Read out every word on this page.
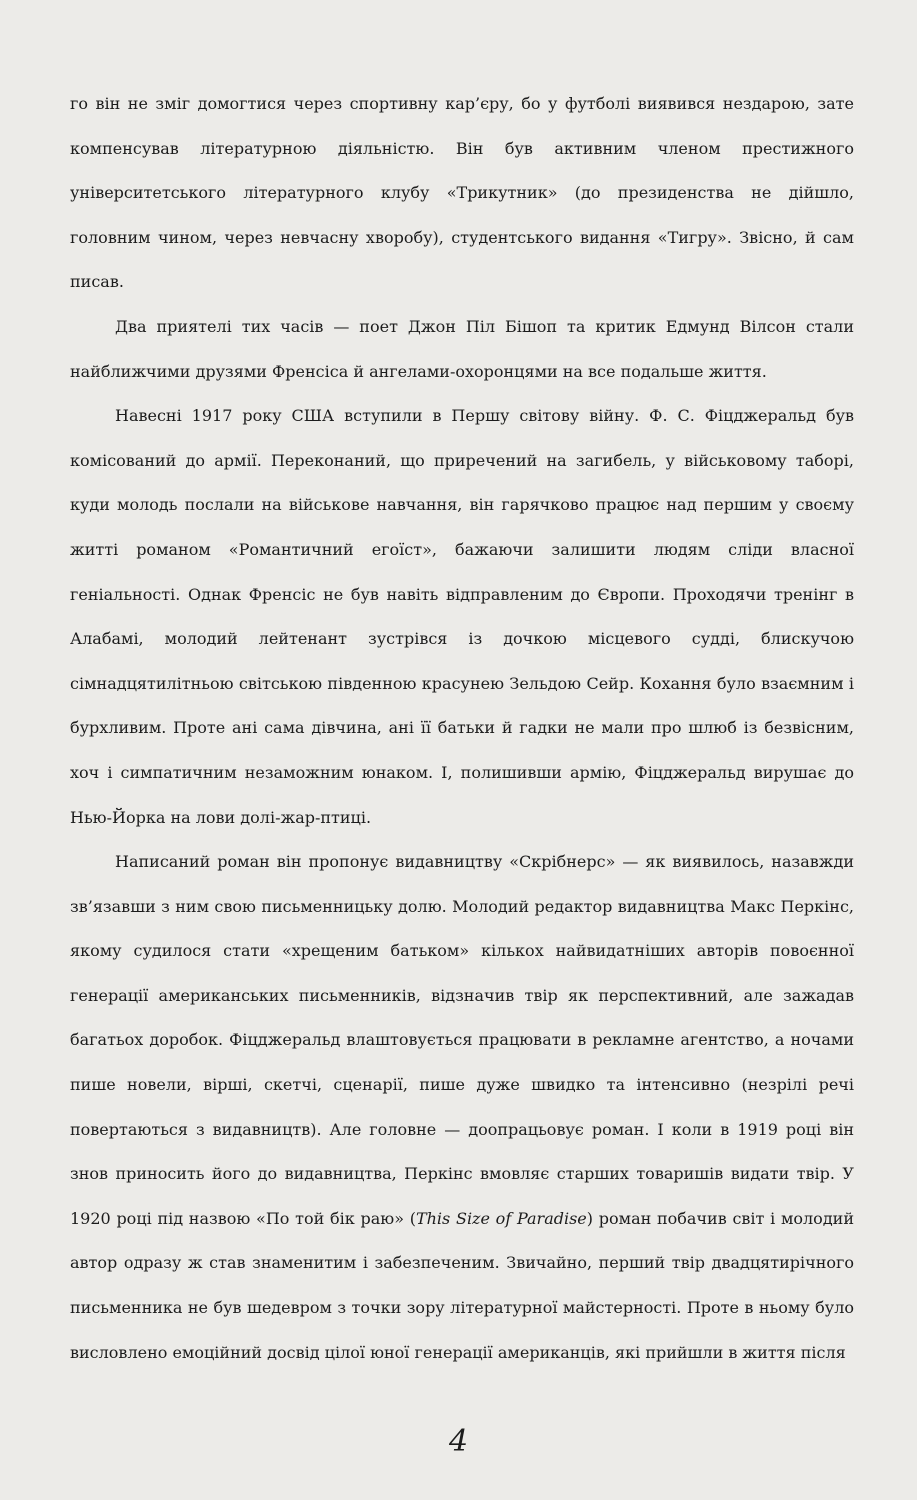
го він не зміг домогтися через спортивну кар’єру, бо у футболі виявився нездарою, зате компенсував літературною діяльністю. Він був активним членом престижного університетського літературного клубу «Трикутник» (до президенства не дійшло, головним чином, через невчасну хворобу), студентського видання «Тигру». Звісно, й сам писав.

Два приятелі тих часів — поет Джон Піл Бішоп та критик Едмунд Вілсон стали найближчими друзями Френсіса й ангелами-охоронцями на все подальше життя.

Навесні 1917 року США вступили в Першу світову війну. Ф. С. Фіцджеральд був комісований до армії. Переконаний, що приречений на загибель, у військовому таборі, куди молодь послали на військове навчання, він гарячково працює над першим у своєму житті романом «Романтичний егоїст», бажаючи залишити людям сліди власної геніальності. Однак Френсіс не був навіть відправленим до Європи. Проходячи тренінг в Алабамі, молодий лейтенант зустрівся із дочкою місцевого судді, блискучою сімнадцятилітньою світською південною красунею Зельдою Сейр. Кохання було взаємним і бурхливим. Проте ані сама дівчина, ані її батьки й гадки не мали про шлюб із безвісним, хоч і симпатичним незаможним юнаком. І, полишивши армію, Фіцджеральд вирушає до Нью-Йорка на лови долі-жар-птиці.

Написаний роман він пропонує видавництву «Скрібнерс» — як виявилось, назавжди зв’язавши з ним свою письменницьку долю. Молодий редактор видавництва Макс Перкінс, якому судилося стати «хрещеним батьком» кількох найвидатніших авторів повоєнної генерації американських письменників, відзначив твір як перспективний, але зажадав багатьох доробок. Фіцджеральд влаштовується працювати в рекламне агентство, а ночами пише новели, вірші, скетчі, сценарії, пише дуже швидко та інтенсивно (незрілі речі повертаються з видавництв). Але головне — доопрацьовує роман. І коли в 1919 році він знов приносить його до видавництва, Перкінс вмовляє старших товаришів видати твір. У 1920 році під назвою «По той бік раю» (This Size of Paradise) роман побачив світ і молодий автор одразу ж став знаменитим і забезпеченим. Звичайно, перший твір двадцятирічного письменника не був шедевром з точки зору літературної майстерності. Проте в ньому було висловлено емоційний досвід цілої юної генерації американців, які прийшли в життя після

4
